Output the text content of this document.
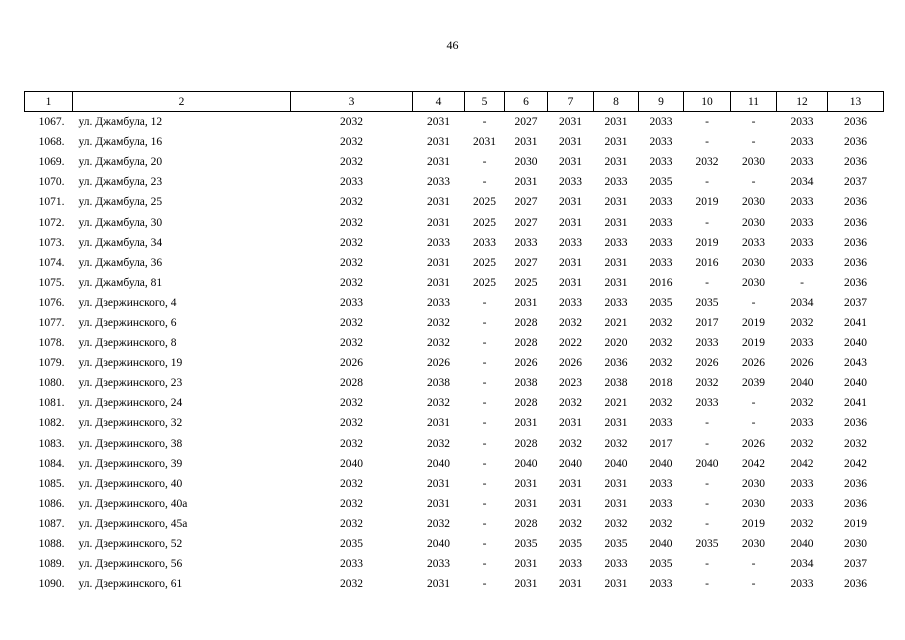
46
1	2	3	4	5	6	7	8	9	10	11	12	13
1067.	ул. Джамбула, 12	2032	2031	-	2027	2031	2031	2033	-	-	2033	2036
1068.	ул. Джамбула, 16	2032	2031	2031	2031	2031	2031	2033	-	-	2033	2036
1069.	ул. Джамбула, 20	2032	2031	-	2030	2031	2031	2033	2032	2030	2033	2036
1070.	ул. Джамбула, 23	2033	2033	-	2031	2033	2033	2035	-	-	2034	2037
1071.	ул. Джамбула, 25	2032	2031	2025	2027	2031	2031	2033	2019	2030	2033	2036
1072.	ул. Джамбула, 30	2032	2031	2025	2027	2031	2031	2033	-	2030	2033	2036
1073.	ул. Джамбула, 34	2032	2033	2033	2033	2033	2033	2033	2019	2033	2033	2036
1074.	ул. Джамбула, 36	2032	2031	2025	2027	2031	2031	2033	2016	2030	2033	2036
1075.	ул. Джамбула, 81	2032	2031	2025	2025	2031	2031	2016	-	2030	-	2036
1076.	ул. Дзержинского, 4	2033	2033	-	2031	2033	2033	2035	2035	-	2034	2037
1077.	ул. Дзержинского, 6	2032	2032	-	2028	2032	2021	2032	2017	2019	2032	2041
1078.	ул. Дзержинского, 8	2032	2032	-	2028	2022	2020	2032	2033	2019	2033	2040
1079.	ул. Дзержинского, 19	2026	2026	-	2026	2026	2036	2032	2026	2026	2026	2043
1080.	ул. Дзержинского, 23	2028	2038	-	2038	2023	2038	2018	2032	2039	2040	2040
1081.	ул. Дзержинского, 24	2032	2032	-	2028	2032	2021	2032	2033	-	2032	2041
1082.	ул. Дзержинского, 32	2032	2031	-	2031	2031	2031	2033	-	-	2033	2036
1083.	ул. Дзержинского, 38	2032	2032	-	2028	2032	2032	2017	-	2026	2032	2032
1084.	ул. Дзержинского, 39	2040	2040	-	2040	2040	2040	2040	2040	2042	2042	2042
1085.	ул. Дзержинского, 40	2032	2031	-	2031	2031	2031	2033	-	2030	2033	2036
1086.	ул. Дзержинского, 40а	2032	2031	-	2031	2031	2031	2033	-	2030	2033	2036
1087.	ул. Дзержинского, 45а	2032	2032	-	2028	2032	2032	2032	-	2019	2032	2019
1088.	ул. Дзержинского, 52	2035	2040	-	2035	2035	2035	2040	2035	2030	2040	2030
1089.	ул. Дзержинского, 56	2033	2033	-	2031	2033	2033	2035	-	-	2034	2037
1090.	ул. Дзержинского, 61	2032	2031	-	2031	2031	2031	2033	-	-	2033	2036
